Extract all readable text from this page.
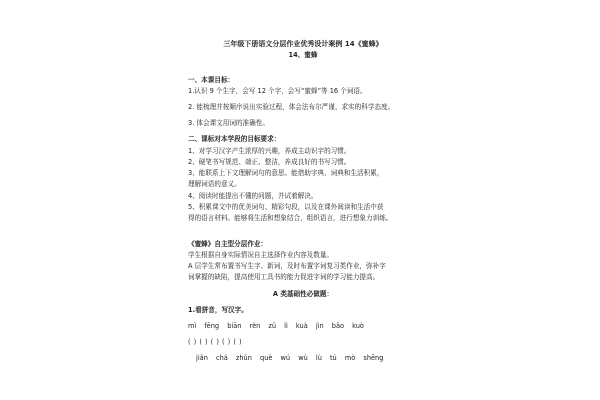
三年级下册语文分层作业优秀设计案例 14《蜜蜂》
14、蜜蜂
一、本课目标：
1.认识 9 个生字，会写 12 个字，会写“蜜蜂”等 16 个词语。
2. 能梳理并按顺序说出实验过程，体会法布尔严谨、求实的科学态度。
3. 体会课文用词的准确性。
二、课标对本学段的目标要求：
1、对学习汉字产生浓厚的兴趣，养成主动识字的习惯。
2、硬笔书写规范、端正、整洁，养成良好的书写习惯。
3、能联系上下文理解词句的意思。能借助字典、词典和生活积累，
理解词语的意义。
4、阅读时能提出不懂的问题，并试着解决。
5、积累课文中的优美词句、精彩句段，以及在课外阅读和生活中获
得的语言材料。能够将生活和想象结合，组织语言，进行想象力训练。
《蜜蜂》自主型分层作业：
学生根据自身实际情况自主选择作业内容及数量。
A 层学生常布置书写生字、新词，及时布置字词复习类作业，弥补字
词掌握的缺陷，提高使用工具书的能力促进字词的学习能力提高。
A 类基础性必做题：
1.看拼音，写汉字。
mì fēng biān rèn zǔ lì kuà jìn bǎo kuò
( ) ( ) ( ) ( ) ( )
jiǎn chá zhǔn què wú wù lù tú mò shēng
